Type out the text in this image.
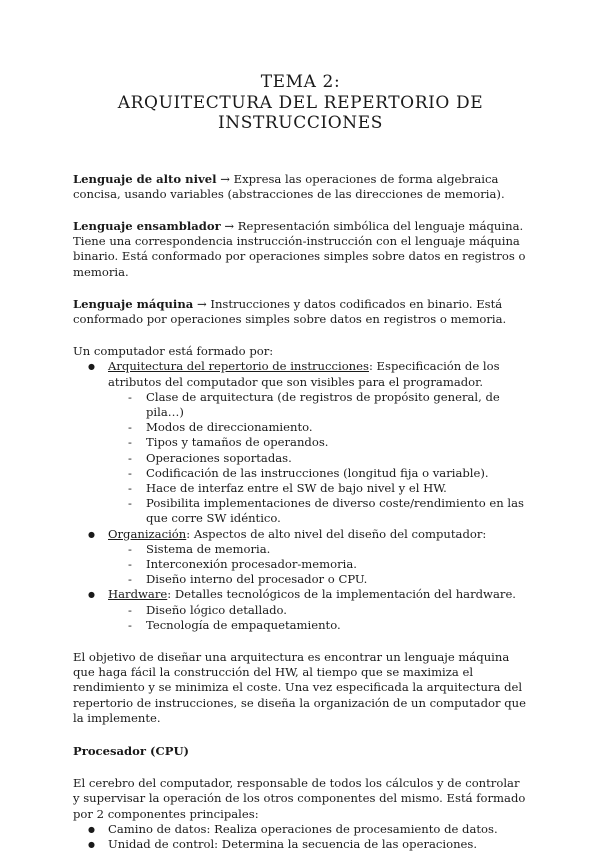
TEMA 2:
ARQUITECTURA DEL REPERTORIO DE
INSTRUCCIONES

Lenguaje de alto nivel → Expresa las operaciones de forma algebraica concisa, usando variables (abstracciones de las direcciones de memoria).

Lenguaje ensamblador → Representación simbólica del lenguaje máquina. Tiene una correspondencia instrucción-instrucción con el lenguaje máquina binario. Está conformado por operaciones simples sobre datos en registros o memoria.

Lenguaje máquina → Instrucciones y datos codificados en binario. Está conformado por operaciones simples sobre datos en registros o memoria.

Un computador está formado por:

● Arquitectura del repertorio de instrucciones: Especificación de los atributos del computador que son visibles para el programador.
- Clase de arquitectura (de registros de propósito general, de pila…)
- Modos de direccionamiento.
- Tipos y tamaños de operandos.
- Operaciones soportadas.
- Codificación de las instrucciones (longitud fija o variable).
- Hace de interfaz entre el SW de bajo nivel y el HW.
- Posibilita implementaciones de diverso coste/rendimiento en las que corre SW idéntico.
● Organización: Aspectos de alto nivel del diseño del computador:
- Sistema de memoria.
- Interconexión procesador-memoria.
- Diseño interno del procesador o CPU.
● Hardware: Detalles tecnológicos de la implementación del hardware.
- Diseño lógico detallado.
- Tecnología de empaquetamiento.

El objetivo de diseñar una arquitectura es encontrar un lenguaje máquina que haga fácil la construcción del HW, al tiempo que se maximiza el rendimiento y se minimiza el coste. Una vez especificada la arquitectura del repertorio de instrucciones, se diseña la organización de un computador que la implemente.

Procesador (CPU)

El cerebro del computador, responsable de todos los cálculos y de controlar y supervisar la operación de los otros componentes del mismo. Está formado por 2 componentes principales:

● Camino de datos: Realiza operaciones de procesamiento de datos.
● Unidad de control: Determina la secuencia de las operaciones.
